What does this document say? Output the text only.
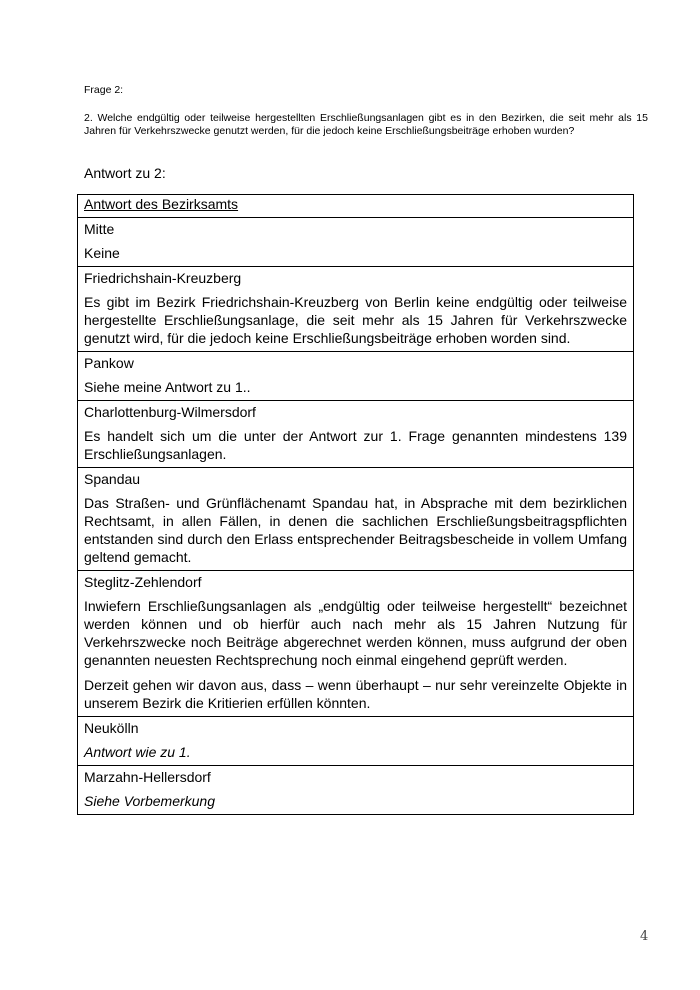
Frage 2:
2. Welche endgültig oder teilweise hergestellten Erschließungsanlagen gibt es in den Bezirken, die seit mehr als 15 Jahren für Verkehrszwecke genutzt werden, für die jedoch keine Erschließungsbeiträge erhoben wurden?
Antwort zu 2:
Antwort des Bezirksamts

Mitte
Keine

Friedrichshain-Kreuzberg
Es gibt im Bezirk Friedrichshain-Kreuzberg von Berlin keine endgültig oder teilweise hergestellte Erschließungsanlage, die seit mehr als 15 Jahren für Verkehrszwecke genutzt wird, für die jedoch keine Erschließungsbeiträge erhoben worden sind.

Pankow
Siehe meine Antwort zu 1..

Charlottenburg-Wilmersdorf
Es handelt sich um die unter der Antwort zur 1. Frage genannten mindestens 139 Erschließungsanlagen.

Spandau
Das Straßen- und Grünflächenamt Spandau hat, in Absprache mit dem bezirklichen Rechtsamt, in allen Fällen, in denen die sachlichen Erschließungsbeitragspflichten entstanden sind durch den Erlass entsprechender Beitragsbescheide in vollem Umfang geltend gemacht.

Steglitz-Zehlendorf
Inwiefern Erschließungsanlagen als „endgültig oder teilweise hergestellt“ bezeichnet werden können und ob hierfür auch nach mehr als 15 Jahren Nutzung für Verkehrszwecke noch Beiträge abgerechnet werden können, muss aufgrund der oben genannten neuesten Rechtsprechung noch einmal eingehend geprüft werden.
Derzeit gehen wir davon aus, dass – wenn überhaupt – nur sehr vereinzelte Objekte in unserem Bezirk die Kritierien erfüllen könnten.

Neukölln
Antwort wie zu 1.

Marzahn-Hellersdorf
Siehe Vorbemerkung
4
